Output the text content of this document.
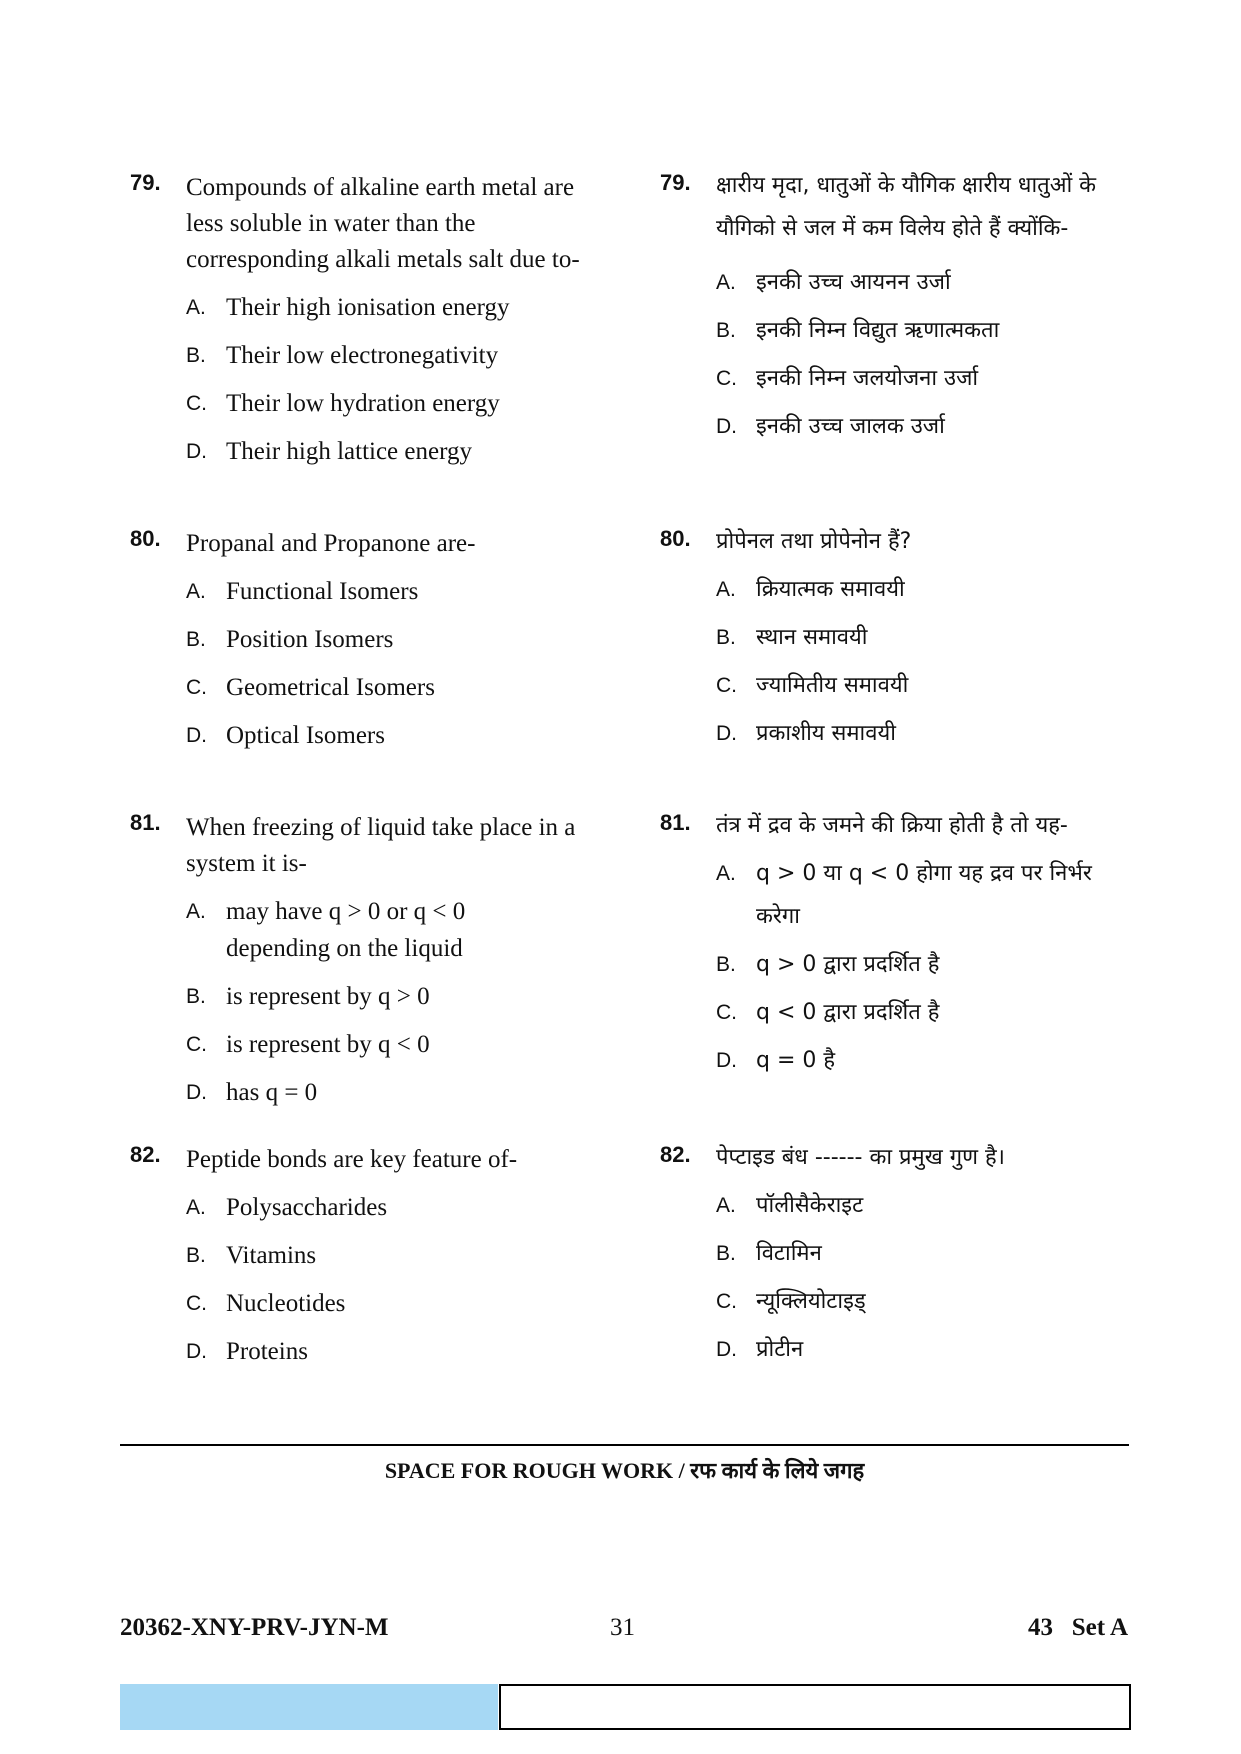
79. Compounds of alkaline earth metal are less soluble in water than the corresponding alkali metals salt due to-
A. Their high ionisation energy
B. Their low electronegativity
C. Their low hydration energy
D. Their high lattice energy
80. Propanal and Propanone are-
A. Functional Isomers
B. Position Isomers
C. Geometrical Isomers
D. Optical Isomers
81. When freezing of liquid take place in a system it is-
A. may have q > 0 or q < 0 depending on the liquid
B. is represent by q > 0
C. is represent by q < 0
D. has q = 0
82. Peptide bonds are key feature of-
A. Polysaccharides
B. Vitamins
C. Nucleotides
D. Proteins
79. क्षारीय मृदा, धातुओं के यौगिक क्षारीय धातुओं के यौगिको से जल में कम विलेय होते हैं क्योंकि-
A. इनकी उच्च आयनन उर्जा
B. इनकी निम्न विद्युत ऋणात्मकता
C. इनकी निम्न जलयोजना उर्जा
D. इनकी उच्च जालक उर्जा
80. प्रोपेनल तथा प्रोपेनोन हैं?
A. क्रियात्मक समावयी
B. स्थान समावयी
C. ज्यामितीय समावयी
D. प्रकाशीय समावयी
81. तंत्र में द्रव के जमने की क्रिया होती है तो यह-
A. q > 0 या q < 0 होगा यह द्रव पर निर्भर करेगा
B. q > 0 द्वारा प्रदर्शित है
C. q < 0 द्वारा प्रदर्शित है
D. q = 0 है
82. पेप्टाइड बंध ------ का प्रमुख गुण है।
A. पॉलीसैकेराइट
B. विटामिन
C. न्यूक्लियोटाइड्
D. प्रोटीन
SPACE FOR ROUGH WORK / रफ कार्य के लिये जगह
20362-XNY-PRV-JYN-M	31	43   Set A
